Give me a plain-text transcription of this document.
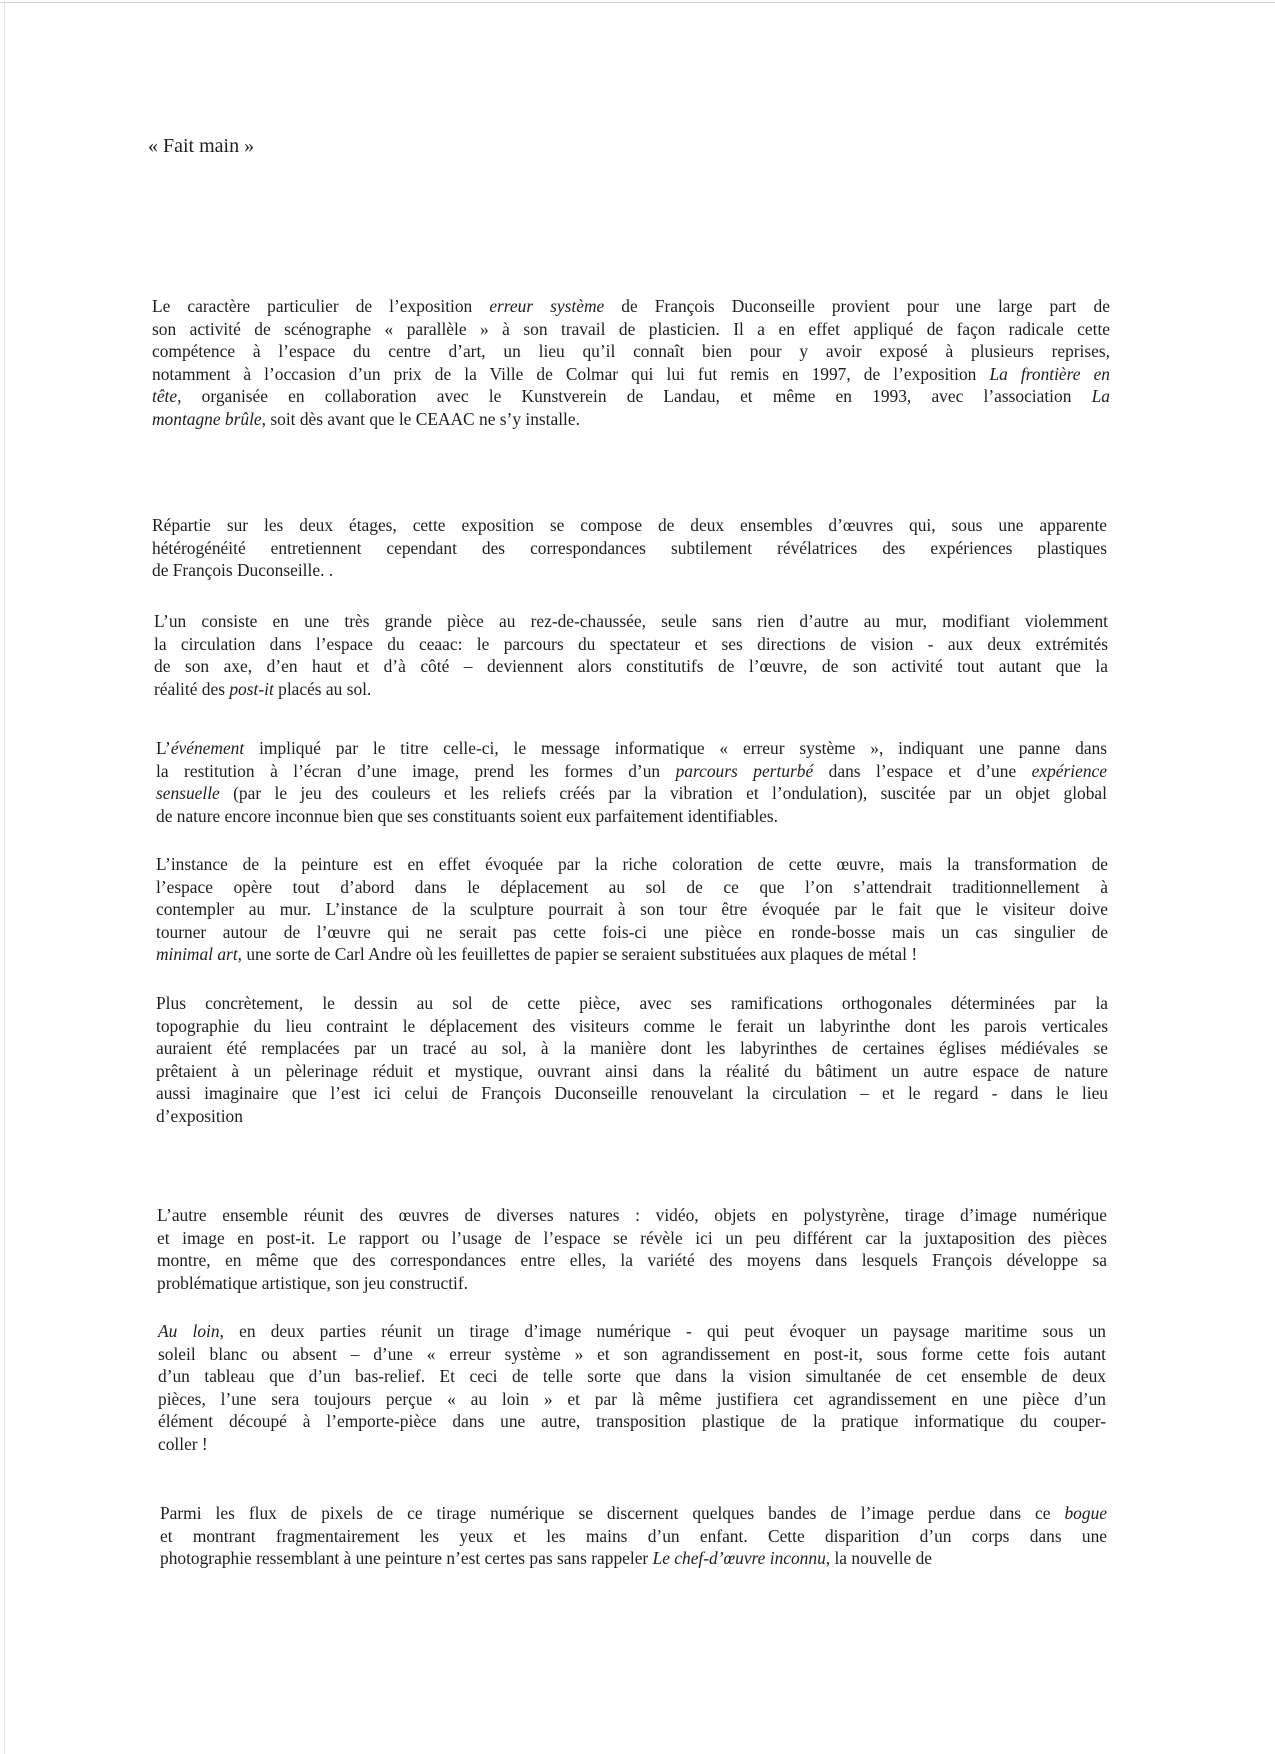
« Fait main »
Le caractère particulier de l’exposition erreur système de François Duconseille provient pour une large part de
son activité de scénographe « parallèle » à son travail de plasticien. Il a en effet appliqué de façon radicale cette
compétence à l’espace du centre d’art, un lieu qu’il connaît bien pour y avoir exposé à plusieurs reprises,
notamment à l’occasion d’un prix de la Ville de Colmar qui lui fut remis en 1997, de l’exposition La frontière en
tête, organisée en collaboration avec le Kunstverein de Landau, et même en 1993, avec l’association La
montagne brûle, soit dès avant que le CEAAC ne s’y installe.
Répartie sur les deux étages, cette exposition se compose de deux ensembles d’œuvres qui, sous une apparente
hétérogénéité entretiennent cependant des correspondances subtilement révélatrices des expériences plastiques
de François Duconseille. .
L’un consiste en une très grande pièce au rez-de-chaussée, seule sans rien d’autre au mur, modifiant violemment
la circulation dans l’espace du ceaac: le parcours du spectateur et ses directions de vision - aux deux extrémités
de son axe, d’en haut et d’à côté – deviennent alors constitutifs de l’œuvre, de son activité tout autant que la
réalité des post-it placés au sol.
L’événement impliqué par le titre celle-ci, le message informatique « erreur système », indiquant une panne dans
la restitution à l’écran d’une image, prend les formes d’un parcours perturbé dans l’espace et d’une expérience
sensuelle (par le jeu des couleurs et les reliefs créés par la vibration et l’ondulation), suscitée par un objet global
de nature encore inconnue bien que ses constituants soient eux parfaitement identifiables.
L’instance de la peinture est en effet évoquée par la riche coloration de cette œuvre, mais la transformation de
l’espace opère tout d’abord dans le déplacement au sol de ce que l’on s’attendrait traditionnellement à
contempler au mur. L’instance de la sculpture pourrait à son tour être évoquée par le fait que le visiteur doive
tourner autour de l’œuvre qui ne serait pas cette fois-ci une pièce en ronde-bosse mais un cas singulier de
minimal art, une sorte de Carl Andre où les feuillettes de papier se seraient substituées aux plaques de métal !
Plus concrètement, le dessin au sol de cette pièce, avec ses ramifications orthogonales déterminées par la
topographie du lieu contraint le déplacement des visiteurs comme le ferait un labyrinthe dont les parois verticales
auraient été remplacées par un tracé au sol, à la manière dont les labyrinthes de certaines églises médiévales se
prêtaient à un pèlerinage réduit et mystique, ouvrant ainsi dans la réalité du bâtiment un autre espace de nature
aussi imaginaire que l’est ici celui de François Duconseille renouvelant la circulation – et le regard - dans le lieu
d’exposition
L’autre ensemble réunit des œuvres de diverses natures : vidéo, objets en polystyrène, tirage d’image numérique
et image en post-it. Le rapport ou l’usage de l’espace se révèle ici un peu différent car la juxtaposition des pièces
montre, en même que des correspondances entre elles, la variété des moyens dans lesquels François développe sa
problématique artistique, son jeu constructif.
Au loin, en deux parties réunit un tirage d’image numérique - qui peut évoquer un paysage maritime sous un
soleil blanc ou absent – d’une « erreur système » et son agrandissement en post-it, sous forme cette fois autant
d’un tableau que d’un bas-relief. Et ceci de telle sorte que dans la vision simultanée de cet ensemble de deux
pièces, l’une sera toujours perçue « au loin » et par là même justifiera cet agrandissement en une pièce d’un
élément découpé à l’emporte-pièce dans une autre, transposition plastique de la pratique informatique du couper-
coller !
Parmi les flux de pixels de ce tirage numérique se discernent quelques bandes de l’image perdue dans ce bogue
et montrant fragmentairement les yeux et les mains d’un enfant. Cette disparition d’un corps dans une
photographie ressemblant à une peinture n’est certes pas sans rappeler Le chef-d’œuvre inconnu, la nouvelle de
